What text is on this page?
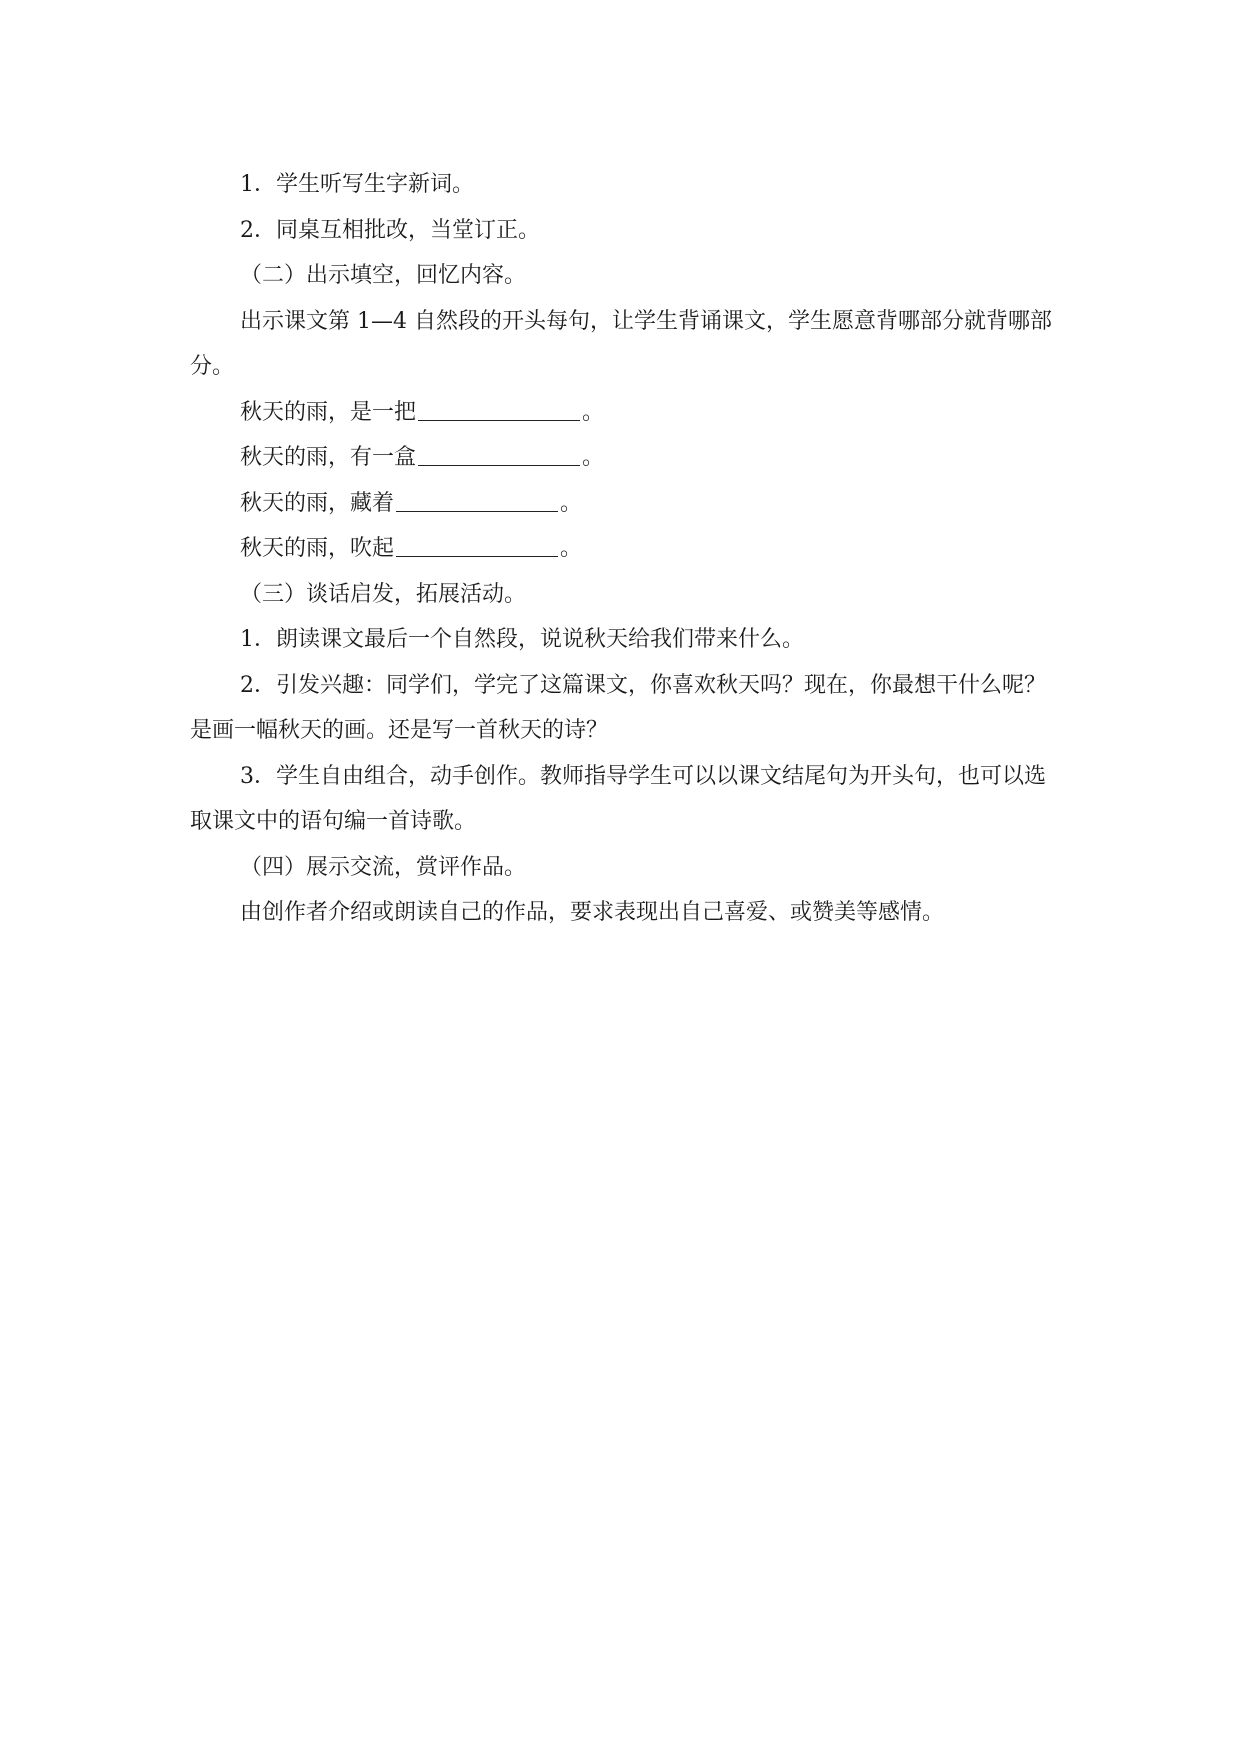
1．学生听写生字新词。

2．同桌互相批改，当堂订正。

（二）出示填空，回忆内容。

出示课文第 1—4 自然段的开头每句，让学生背诵课文，学生愿意背哪部分就背哪部分。

秋天的雨，是一把	。

秋天的雨，有一盒	。

秋天的雨，藏着	。

秋天的雨，吹起	。

（三）谈话启发，拓展活动。

1．朗读课文最后一个自然段，说说秋天给我们带来什么。

2．引发兴趣：同学们，学完了这篇课文，你喜欢秋天吗？现在，你最想干什么呢？是画一幅秋天的画。还是写一首秋天的诗？

3．学生自由组合，动手创作。教师指导学生可以以课文结尾句为开头句，也可以选取课文中的语句编一首诗歌。

（四）展示交流，赏评作品。

由创作者介绍或朗读自己的作品，要求表现出自己喜爱、或赞美等感情。
